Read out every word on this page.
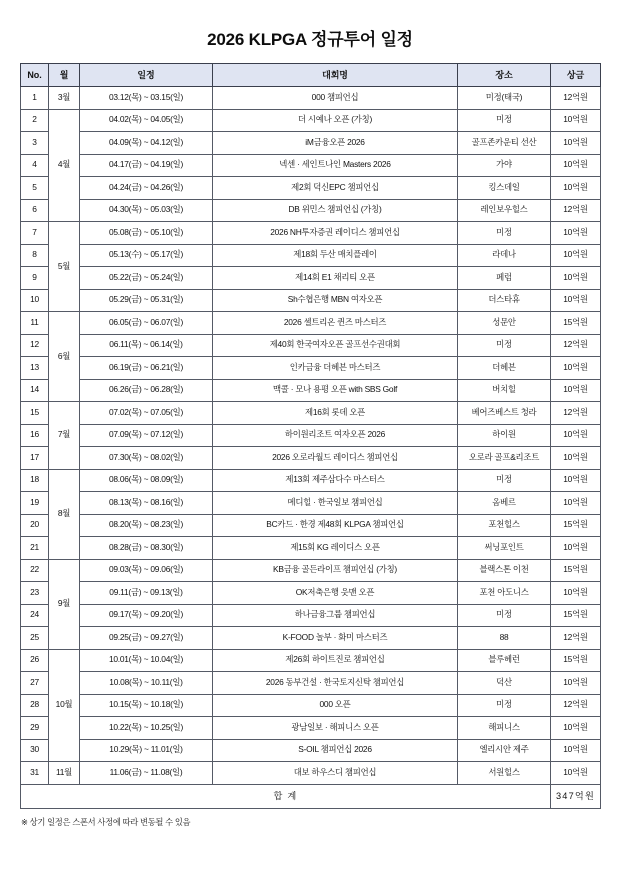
2026 KLPGA 정규투어 일정
No.	월	일정	대회명	장소	상금
1	3월	03.12(목) ~ 03.15(일)	000 챔피언십	미정(태국)	12억원
2	4월	04.02(목) ~ 04.05(일)	더 시예나 오픈 (가칭)	미정	10억원
3		04.09(목) ~ 04.12(일)	iM금융오픈 2026	골프존카운티 선산	10억원
4		04.17(금) ~ 04.19(일)	넥센 · 세인트나인 Masters 2026	가야	10억원
5		04.24(금) ~ 04.26(일)	제2회 덕신EPC 챔피언십	킹스데일	10억원
6		04.30(목) ~ 05.03(일)	DB 위민스 챔피언십 (가칭)	레인보우힐스	12억원
7	5월	05.08(금) ~ 05.10(일)	2026 NH투자증권 레이디스 챔피언십	미정	10억원
8		05.13(수) ~ 05.17(일)	제18회 두산 매치플레이	라데나	10억원
9		05.22(금) ~ 05.24(일)	제14회 E1 채리티 오픈	페럼	10억원
10		05.29(금) ~ 05.31(일)	Sh수협은행 MBN 여자오픈	더스타휴	10억원
11	6월	06.05(금) ~ 06.07(일)	2026 셀트리온 퀸즈 마스터즈	성문안	15억원
12		06.11(목) ~ 06.14(일)	제40회 한국여자오픈 골프선수권대회	미정	12억원
13		06.19(금) ~ 06.21(일)	인카금융 더헤븐 마스터즈	더헤븐	10억원
14		06.26(금) ~ 06.28(일)	맥콜 · 모나 용평 오픈 with SBS Golf	버치힐	10억원
15	7월	07.02(목) ~ 07.05(일)	제16회 롯데 오픈	베어즈베스트 청라	12억원
16		07.09(목) ~ 07.12(일)	하이원리조트 여자오픈 2026	하이원	10억원
17		07.30(목) ~ 08.02(일)	2026 오로라월드 레이디스 챔피언십	오로라 골프&리조트	10억원
18	8월	08.06(목) ~ 08.09(일)	제13회 제주삼다수 마스터스	미정	10억원
19		08.13(목) ~ 08.16(일)	메디힐 · 한국일보 챔피언십	옴베르	10억원
20		08.20(목) ~ 08.23(일)	BC카드 · 한경 제48회 KLPGA 챔피언십	포천힐스	15억원
21		08.28(금) ~ 08.30(일)	제15회 KG 레이디스 오픈	써닝포인트	10억원
22	9월	09.03(목) ~ 09.06(일)	KB금융 골든라이프 챔피언십 (가칭)	블랙스톤 이천	15억원
23		09.11(금) ~ 09.13(일)	OK저축은행 읏맨 오픈	포천 아도니스	10억원
24		09.17(목) ~ 09.20(일)	하나금융그룹 챔피언십	미정	15억원
25		09.25(금) ~ 09.27(일)	K-FOOD 놀부 · 화미 마스터즈	88	12억원
26	10월	10.01(목) ~ 10.04(일)	제26회 하이트진로 챔피언십	블루헤런	15억원
27		10.08(목) ~ 10.11(일)	2026 동부건설 · 한국토지신탁 챔피언십	덕산	10억원
28		10.15(목) ~ 10.18(일)	000 오픈	미정	12억원
29		10.22(목) ~ 10.25(일)	광남일보 · 해피니스 오픈	해피니스	10억원
30		10.29(목) ~ 11.01(일)	S-OIL 챔피언십 2026	엘리시안 제주	10억원
31	11월	11.06(금) ~ 11.08(일)	대보 하우스디 챔피언십	서원힐스	10억원
합 계					347억원
※ 상기 일정은 스폰서 사정에 따라 변동될 수 있음
